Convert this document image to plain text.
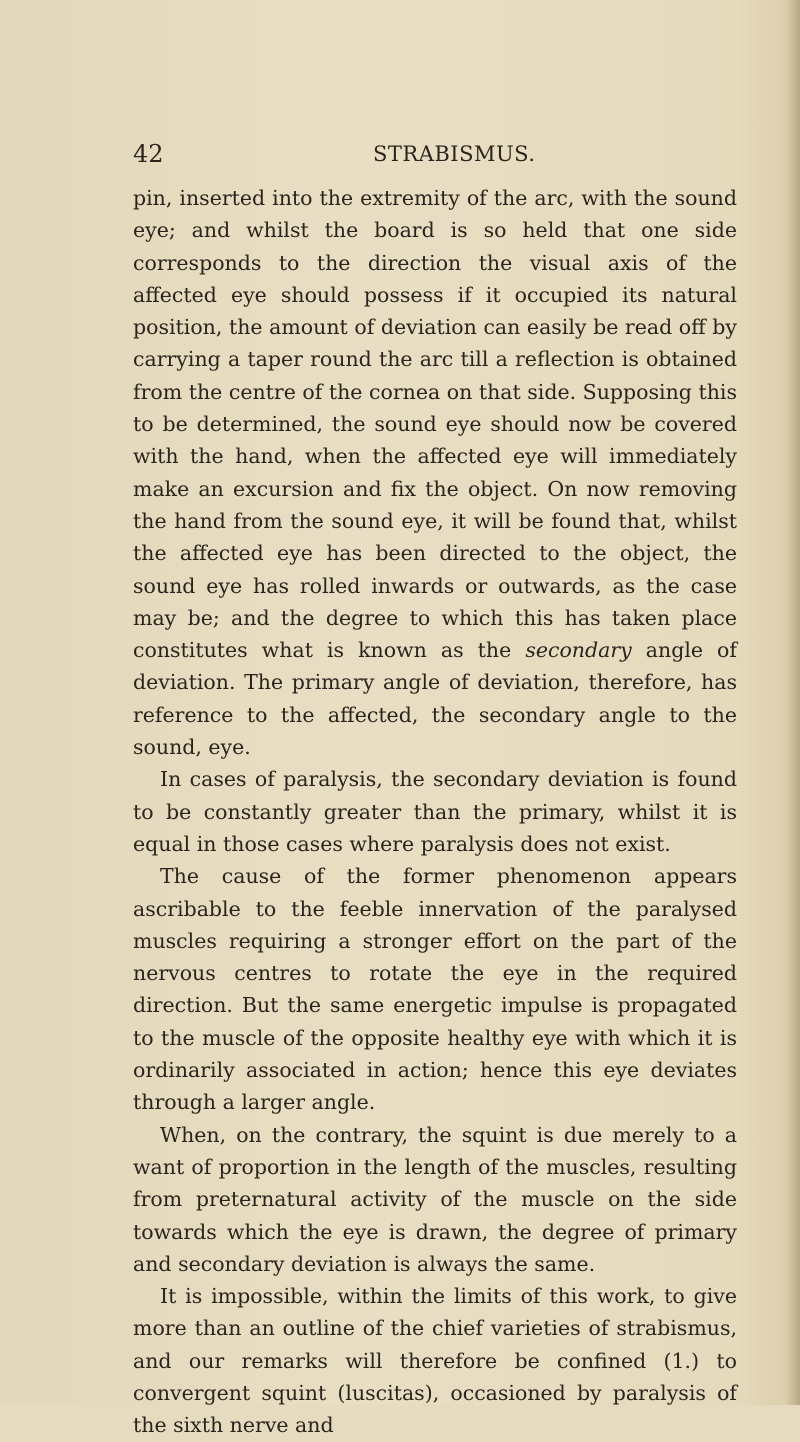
42	STRABISMUS.

pin, inserted into the extremity of the arc, with the sound eye; and whilst the board is so held that one side corresponds to the direction the visual axis of the affected eye should possess if it occupied its natural position, the amount of deviation can easily be read off by carrying a taper round the arc till a reflection is obtained from the centre of the cornea on that side. Supposing this to be determined, the sound eye should now be covered with the hand, when the affected eye will immediately make an excursion and fix the object. On now removing the hand from the sound eye, it will be found that, whilst the affected eye has been directed to the object, the sound eye has rolled inwards or outwards, as the case may be; and the degree to which this has taken place constitutes what is known as the secondary angle of deviation. The primary angle of deviation, therefore, has reference to the affected, the secondary angle to the sound, eye.

In cases of paralysis, the secondary deviation is found to be constantly greater than the primary, whilst it is equal in those cases where paralysis does not exist.

The cause of the former phenomenon appears ascribable to the feeble innervation of the paralysed muscles requiring a stronger effort on the part of the nervous centres to rotate the eye in the required direction. But the same energetic impulse is propagated to the muscle of the opposite healthy eye with which it is ordinarily associated in action; hence this eye deviates through a larger angle.

When, on the contrary, the squint is due merely to a want of proportion in the length of the muscles, resulting from preternatural activity of the muscle on the side towards which the eye is drawn, the degree of primary and secondary deviation is always the same.

It is impossible, within the limits of this work, to give more than an outline of the chief varieties of strabismus, and our remarks will therefore be confined (1.) to convergent squint (luscitas), occasioned by paralysis of the sixth nerve and
